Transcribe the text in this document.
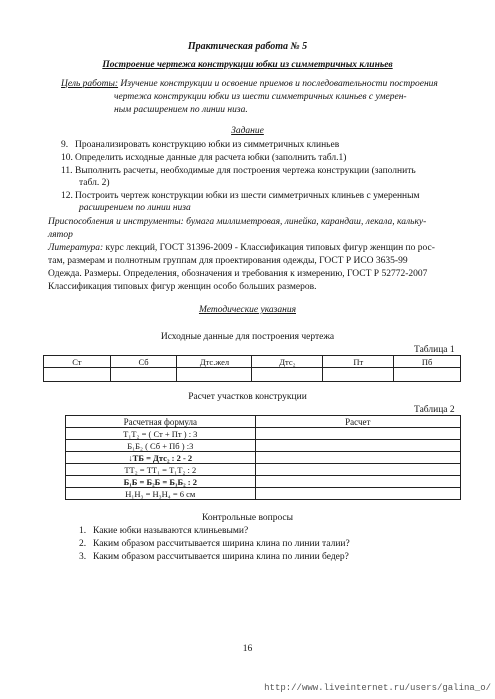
Практическая работа № 5
Построение чертежа конструкции юбки из симметричных клиньев
Цель работы: Изучение конструкции и освоение приемов и последовательности построения
чертежа конструкции юбки из шести симметричных клиньев с умерен-
ным расширением по линии низа.
Задание
9. Проанализировать конструкцию юбки из симметричных клиньев
10. Определить исходные данные для расчета юбки (заполнить табл.1)
11. Выполнить расчеты, необходимые для построения чертежа конструкции (заполнить
табл. 2)
12. Построить чертеж конструкции юбки из шести симметричных клиньев с умеренным
расширением по линии низа
Приспособления и инструменты: бумага миллиметровая, линейка, карандаш, лекала, кальку-
лятор
Литература: курс лекций, ГОСТ 31396-2009 - Классификация типовых фигур женщин по рос-
там, размерам и полнотным группам для проектирования одежды, ГОСТ Р ИСО 3635-99
Одежда. Размеры. Определения, обозначения и требования к измерению, ГОСТ Р 52772-2007
Классификация типовых фигур женщин особо больших размеров.
Методические указания
Исходные данные для построения чертежа
Таблица 1
Ст	Сб	Дтс.жел	Дтс₂	Пт	Пб

Расчет участков конструкции
Таблица 2
Расчетная формула	Расчет
Т₁Т₂ = ( Ст + Пт ) : 3	
Б₁Б₂ ( Сб + Пб ) :3	
↓ТБ = Дтс₂ : 2 - 2	
ТТ₂ = ТТ₁ = Т₁Т₂ : 2	
Б₁Б = Б₂Б = Б₁Б₂ : 2	
Н₁Н₃ = Н₃Н₄ = 6 см	
Контрольные вопросы
1. Какие юбки называются клиньевыми?
2. Каким образом рассчитывается ширина клина по линии талии?
3. Каким образом рассчитывается ширина клина по линии бедер?
16
http://www.liveinternet.ru/users/galina_o/
